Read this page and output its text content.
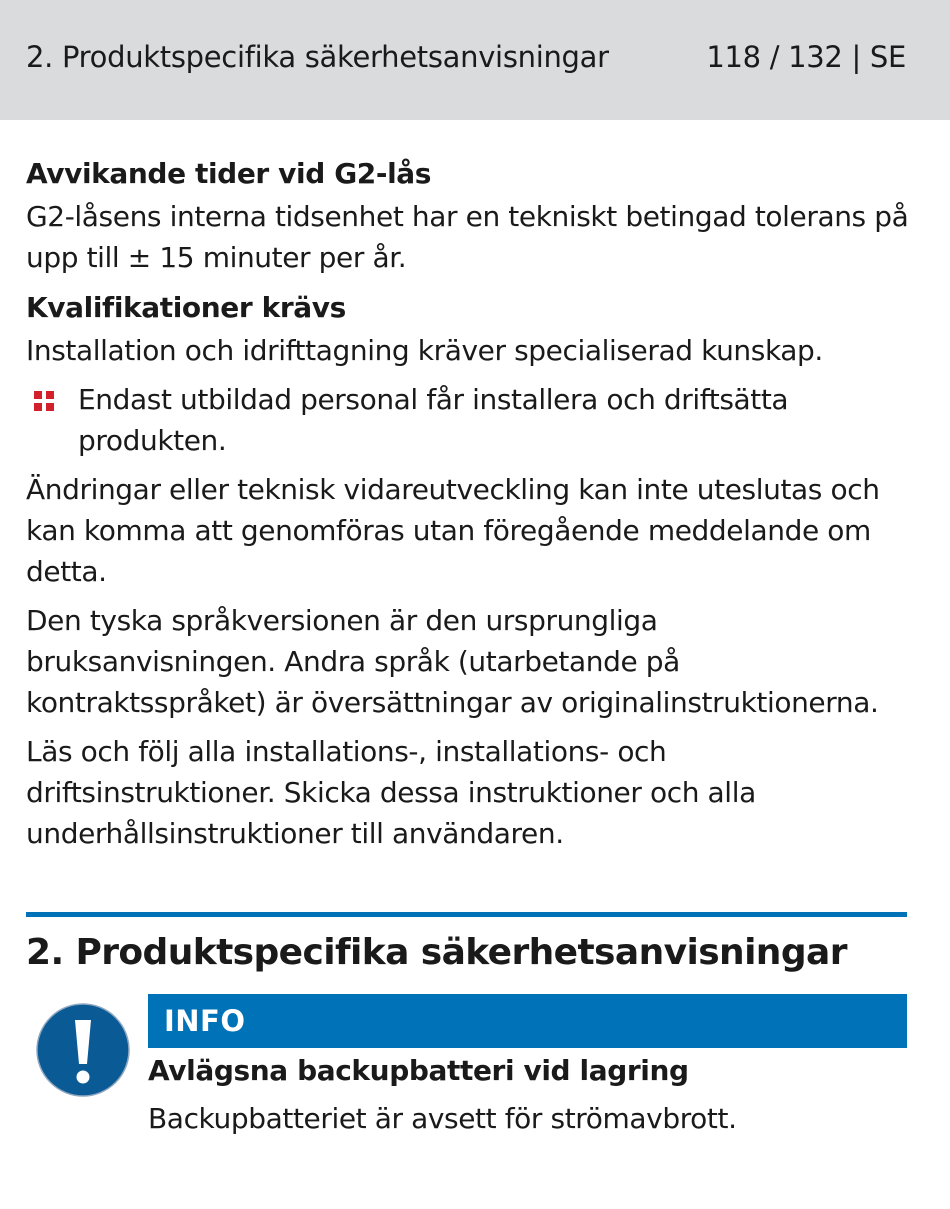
2. Produktspecifika säkerhetsanvisningar	118 / 132 | SE

Avvikande tider vid G2-lås

G2-låsens interna tidsenhet har en tekniskt betingad tolerans på upp till ± 15 minuter per år.

Kvalifikationer krävs

Installation och idrifttagning kräver specialiserad kunskap.

Endast utbildad personal får installera och driftsätta produkten.

Ändringar eller teknisk vidareutveckling kan inte uteslutas och kan komma att genomföras utan föregående meddelande om detta.

Den tyska språkversionen är den ursprungliga bruksanvisningen. Andra språk (utarbetande på kontraktsspråket) är översättningar av originalinstruktionerna.

Läs och följ alla installations-, installations- och driftsinstruktioner. Skicka dessa instruktioner och alla underhållsinstruktioner till användaren.

2. Produktspecifika säkerhetsanvisningar
INFO
Avlägsna backupbatteri vid lagring
Backupbatteriet är avsett för strömavbrott.
